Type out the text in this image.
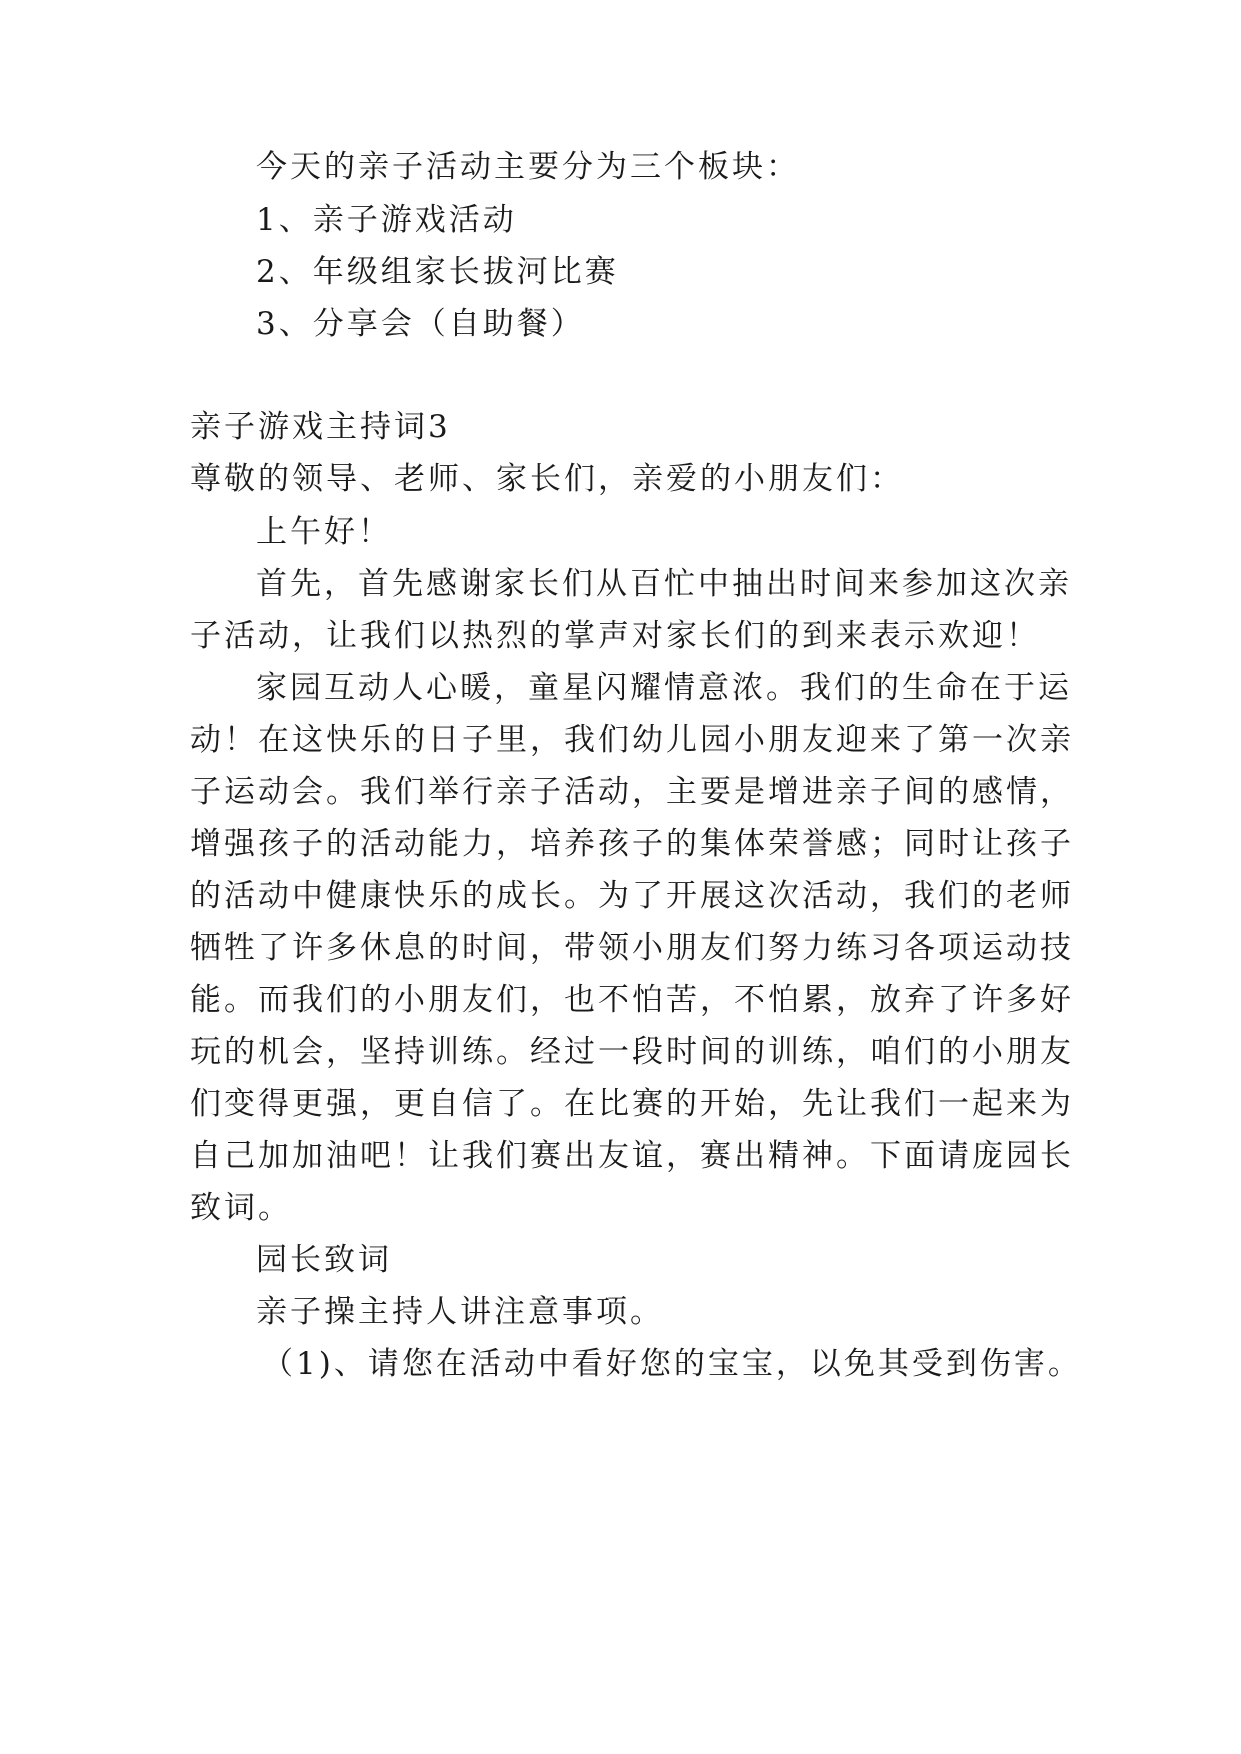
今天的亲子活动主要分为三个板块：
1、亲子游戏活动
2、年级组家长拔河比赛
3、分享会（自助餐）
亲子游戏主持词3
尊敬的领导、老师、家长们，亲爱的小朋友们：
上午好！
首先，首先感谢家长们从百忙中抽出时间来参加这次亲
子活动，让我们以热烈的掌声对家长们的到来表示欢迎！
家园互动人心暖，童星闪耀情意浓。我们的生命在于运
动！在这快乐的日子里，我们幼儿园小朋友迎来了第一次亲
子运动会。我们举行亲子活动，主要是增进亲子间的感情，
增强孩子的活动能力，培养孩子的集体荣誉感；同时让孩子
的活动中健康快乐的成长。为了开展这次活动，我们的老师
牺牲了许多休息的时间，带领小朋友们努力练习各项运动技
能。而我们的小朋友们，也不怕苦，不怕累，放弃了许多好
玩的机会，坚持训练。经过一段时间的训练，咱们的小朋友
们变得更强，更自信了。在比赛的开始，先让我们一起来为
自己加加油吧！让我们赛出友谊，赛出精神。下面请庞园长
致词。
园长致词
亲子操主持人讲注意事项。
（1)、请您在活动中看好您的宝宝，以免其受到伤害。
